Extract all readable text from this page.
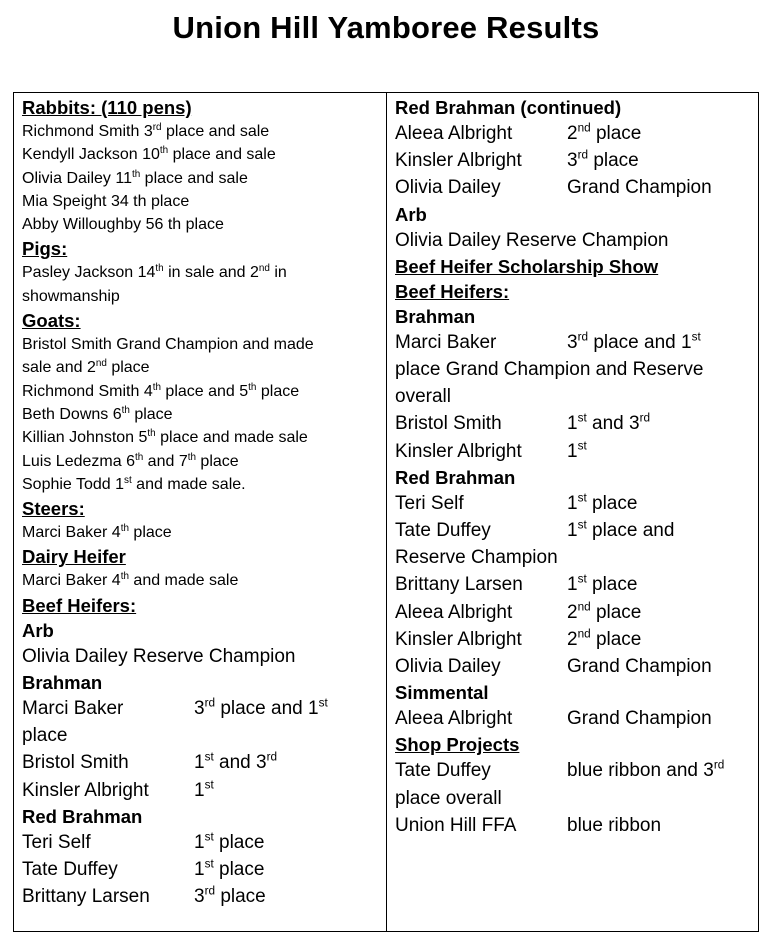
Union Hill Yamboree Results
Rabbits: (110 pens)
Richmond Smith 3rd place and sale
Kendyll Jackson 10th place and sale
Olivia Dailey 11th place and sale
Mia Speight 34 th place
Abby Willoughby 56 th place
Pigs:
Pasley Jackson 14th in sale and 2nd in
showmanship
Goats:
Bristol Smith Grand Champion and made
sale and 2nd place
Richmond Smith 4th place and 5th place
Beth Downs 6th place
Killian Johnston 5th place and made sale
Luis Ledezma 6th and 7th place
Sophie Todd 1st and made sale.
Steers:
Marci Baker 4th place
Dairy Heifer
Marci Baker 4th and made sale
Beef Heifers:
Arb
Olivia Dailey Reserve Champion
Brahman
Marci Baker	3rd place and 1st
place
Bristol Smith	1st and 3rd
Kinsler Albright 1st
Red Brahman
Teri Self	1st place
Tate Duffey	1st place
Brittany Larsen 3rd place
Red Brahman (continued)
Aleea Albright	2nd place
Kinsler Albright 3rd place
Olivia Dailey	Grand Champion
Arb
Olivia Dailey Reserve Champion
Beef Heifer Scholarship Show
Beef Heifers:
Brahman
Marci Baker	3rd place and 1st
place Grand Champion and Reserve
overall
Bristol Smith	1st and 3rd
Kinsler Albright 1st
Red Brahman
Teri Self	1st place
Tate Duffey	1st place and
Reserve Champion
Brittany Larsen 1st place
Aleea Albright	2nd place
Kinsler Albright 2nd place
Olivia Dailey	Grand Champion
Simmental
Aleea Albright	Grand Champion
Shop Projects
Tate Duffey	blue ribbon and 3rd
place overall
Union Hill FFA	blue ribbon
